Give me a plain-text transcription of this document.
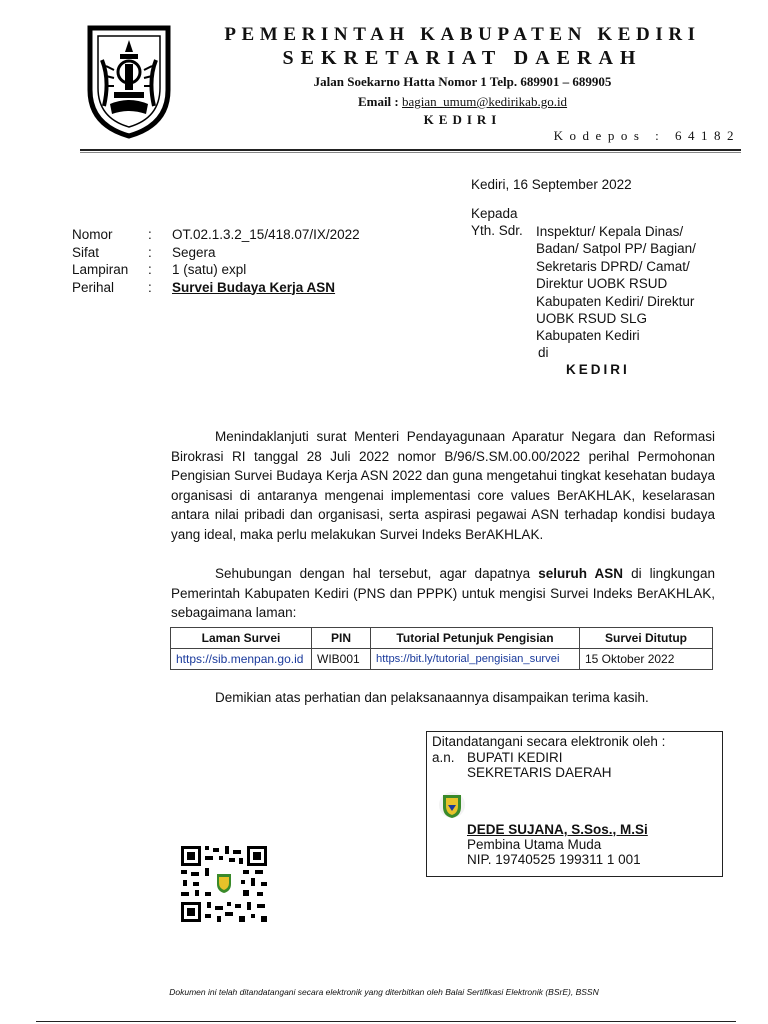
PEMERINTAH KABUPATEN KEDIRI
SEKRETARIAT DAERAH
Jalan Soekarno Hatta Nomor 1 Telp. 689901 – 689905
Email : bagian_umum@kedirikab.go.id
KEDIRI
Kodepos : 64182
Kediri, 16 September 2022
Kepada
Yth. Sdr. Inspektur/ Kepala Dinas/
Badan/ Satpol PP/ Bagian/
Sekretaris DPRD/ Camat/
Direktur UOBK RSUD
Kabupaten Kediri/ Direktur
UOBK RSUD SLG
Kabupaten Kediri
di
KEDIRI
Nomor	:	OT.02.1.3.2_15/418.07/IX/2022
Sifat	:	Segera
Lampiran	:	1 (satu) expl
Perihal	:	Survei Budaya Kerja ASN
Menindaklanjuti surat Menteri Pendayagunaan Aparatur Negara dan Reformasi Birokrasi RI tanggal 28 Juli 2022 nomor B/96/S.SM.00.00/2022 perihal Permohonan Pengisian Survei Budaya Kerja ASN 2022 dan guna mengetahui tingkat kesehatan budaya organisasi di antaranya mengenai implementasi core values BerAKHLAK, keselarasan antara nilai pribadi dan organisasi, serta aspirasi pegawai ASN terhadap kondisi budaya yang ideal, maka perlu melakukan Survei Indeks BerAKHLAK.
Sehubungan dengan hal tersebut, agar dapatnya seluruh ASN di lingkungan Pemerintah Kabupaten Kediri (PNS dan PPPK) untuk mengisi Survei Indeks BerAKHLAK, sebagaimana laman:
Laman Survei	PIN	Tutorial Petunjuk Pengisian	Survei Ditutup
https://sib.menpan.go.id	WIB001	https://bit.ly/tutorial_pengisian_survei	15 Oktober 2022
Demikian atas perhatian dan pelaksanaannya disampaikan terima kasih.
Ditandatangani secara elektronik oleh :
a.n. BUPATI KEDIRI
SEKRETARIS DAERAH
DEDE SUJANA, S.Sos., M.Si
Pembina Utama Muda
NIP. 19740525 199311 1 001
Dokumen ini telah ditandatangani secara elektronik yang diterbitkan oleh Balai Sertifikasi Elektronik (BSrE), BSSN
